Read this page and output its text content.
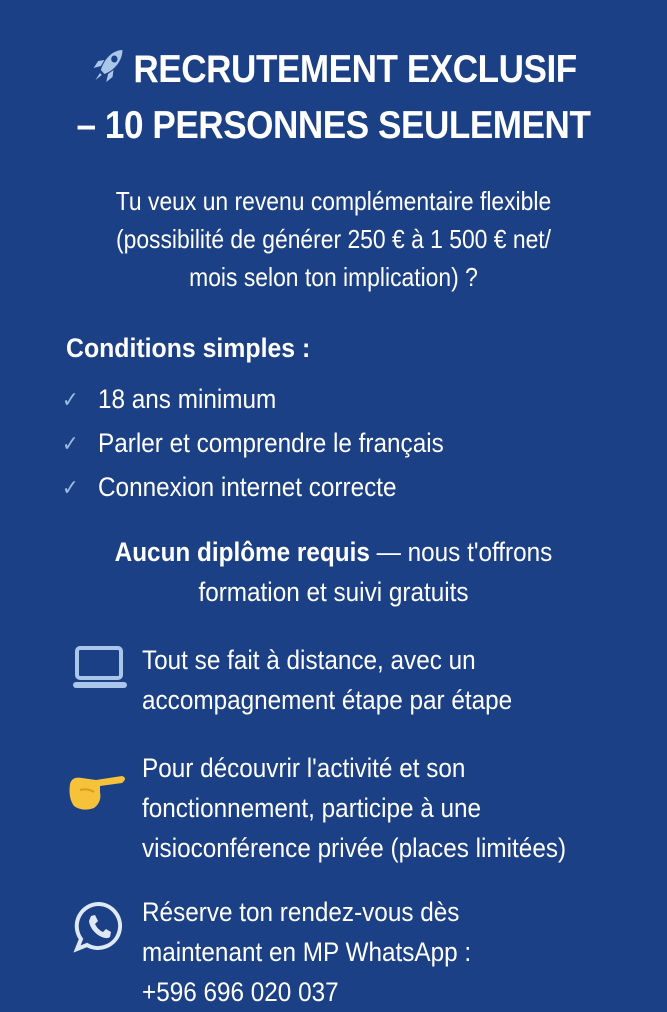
RECRUTEMENT EXCLUSIF
– 10 PERSONNES SEULEMENT
Tu veux un revenu complémentaire flexible
(possibilité de générer 250 € à 1 500 € net/
mois selon ton implication) ?
Conditions simples :
✓ 18 ans minimum
✓ Parler et comprendre le français
✓ Connexion internet correcte
Aucun diplôme requis — nous t'offrons
formation et suivi gratuits
Tout se fait à distance, avec un
accompagnement étape par étape
Pour découvrir l'activité et son
fonctionnement, participe à une
visioconférence privée (places limitées)
Réserve ton rendez-vous dès
maintenant en MP WhatsApp :
+596 696 020 037
